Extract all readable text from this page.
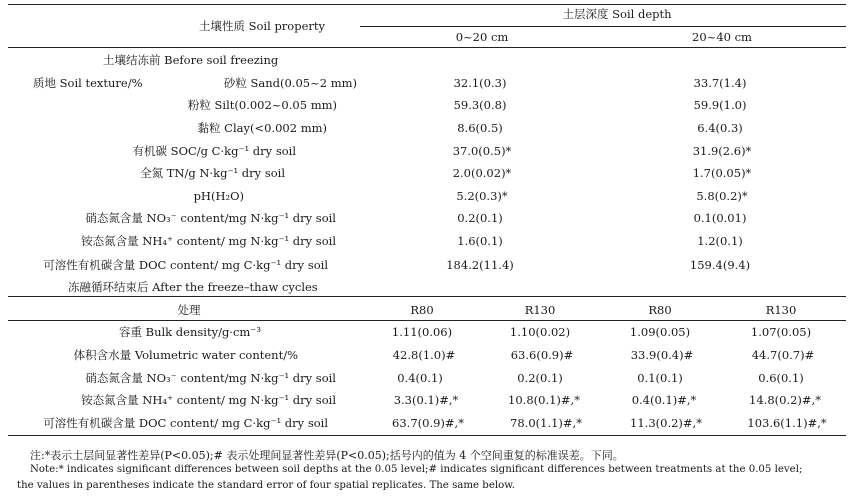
土壤性质 Soil property
土层深度 Soil depth
0~20 cm	20~40 cm
土壤结冻前 Before soil freezing
质地 Soil texture/%	砂粒 Sand(0.05~2 mm)	32.1(0.3)	33.7(1.4)
粉粒 Silt(0.002~0.05 mm)	59.3(0.8)	59.9(1.0)
黏粒 Clay(<0.002 mm)	8.6(0.5)	6.4(0.3)
有机碳 SOC/g C·kg⁻¹ dry soil	37.0(0.5)*	31.9(2.6)*
全氮 TN/g N·kg⁻¹ dry soil	2.0(0.02)*	1.7(0.05)*
pH(H₂O)	5.2(0.3)*	5.8(0.2)*
硝态氮含量 NO₃⁻ content/mg N·kg⁻¹ dry soil	0.2(0.1)	0.1(0.01)
铵态氮含量 NH₄⁺ content/ mg N·kg⁻¹ dry soil	1.6(0.1)	1.2(0.1)
可溶性有机碳含量 DOC content/ mg C·kg⁻¹ dry soil	184.2(11.4)	159.4(9.4)
冻融循环结束后 After the freeze–thaw cycles
处理	R80	R130	R80	R130
容重 Bulk density/g·cm⁻³	1.11(0.06)	1.10(0.02)	1.09(0.05)	1.07(0.05)
体积含水量 Volumetric water content/%	42.8(1.0)#	63.6(0.9)#	33.9(0.4)#	44.7(0.7)#
硝态氮含量 NO₃⁻ content/mg N·kg⁻¹ dry soil	0.4(0.1)	0.2(0.1)	0.1(0.1)	0.6(0.1)
铵态氮含量 NH₄⁺ content/ mg N·kg⁻¹ dry soil	3.3(0.1)#,*	10.8(0.1)#,*	0.4(0.1)#,*	14.8(0.2)#,*
可溶性有机碳含量 DOC content/ mg C·kg⁻¹ dry soil	63.7(0.9)#,*	78.0(1.1)#,*	11.3(0.2)#,*	103.6(1.1)#,*
注:*表示土层间显著性差异(P<0.05);# 表示处理间显著性差异(P<0.05);括号内的值为 4 个空间重复的标准误差。下同。
Note:* indicates significant differences between soil depths at the 0.05 level;# indicates significant differences between treatments at the 0.05 level;
the values in parentheses indicate the standard error of four spatial replicates. The same below.
